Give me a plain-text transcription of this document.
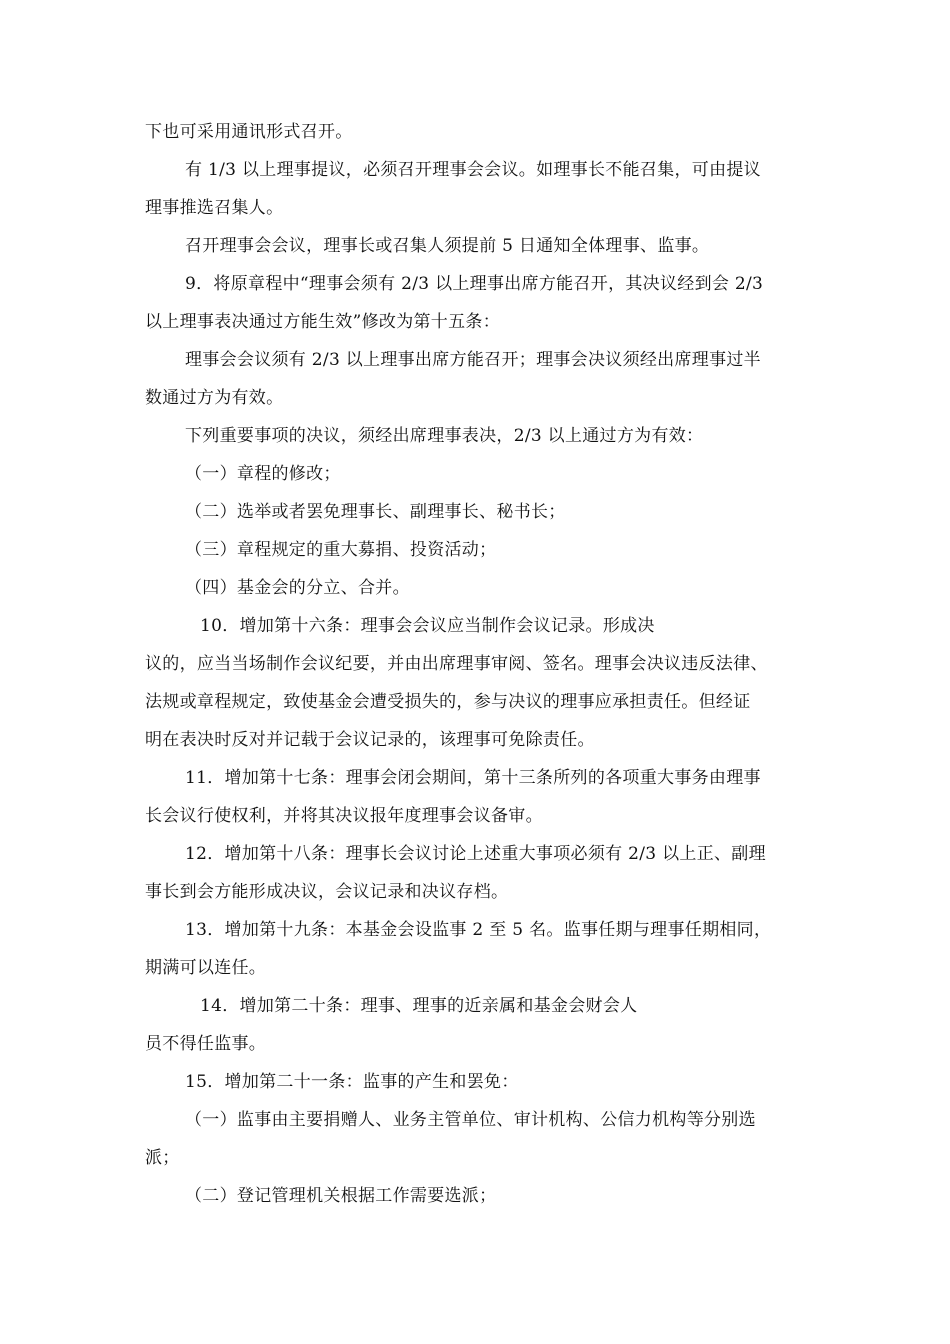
下也可采用通讯形式召开。
有 1/3 以上理事提议，必须召开理事会会议。如理事长不能召集，可由提议
理事推选召集人。
召开理事会会议，理事长或召集人须提前 5 日通知全体理事、监事。
9．将原章程中“理事会须有 2/3 以上理事出席方能召开，其决议经到会 2/3
以上理事表决通过方能生效”修改为第十五条：
理事会会议须有 2/3 以上理事出席方能召开；理事会决议须经出席理事过半
数通过方为有效。
下列重要事项的决议，须经出席理事表决，2/3 以上通过方为有效：
（一）章程的修改；
（二）选举或者罢免理事长、副理事长、秘书长；
（三）章程规定的重大募捐、投资活动；
（四）基金会的分立、合并。
10．增加第十六条：理事会会议应当制作会议记录。形成决
议的，应当当场制作会议纪要，并由出席理事审阅、签名。理事会决议违反法律、
法规或章程规定，致使基金会遭受损失的，参与决议的理事应承担责任。但经证
明在表决时反对并记载于会议记录的，该理事可免除责任。
11．增加第十七条：理事会闭会期间，第十三条所列的各项重大事务由理事
长会议行使权利，并将其决议报年度理事会议备审。
12．增加第十八条：理事长会议讨论上述重大事项必须有 2/3 以上正、副理
事长到会方能形成决议，会议记录和决议存档。
13．增加第十九条：本基金会设监事 2 至 5 名。监事任期与理事任期相同，
期满可以连任。
14．增加第二十条：理事、理事的近亲属和基金会财会人
员不得任监事。
15．增加第二十一条：监事的产生和罢免：
（一）监事由主要捐赠人、业务主管单位、审计机构、公信力机构等分别选
派；
（二）登记管理机关根据工作需要选派；
